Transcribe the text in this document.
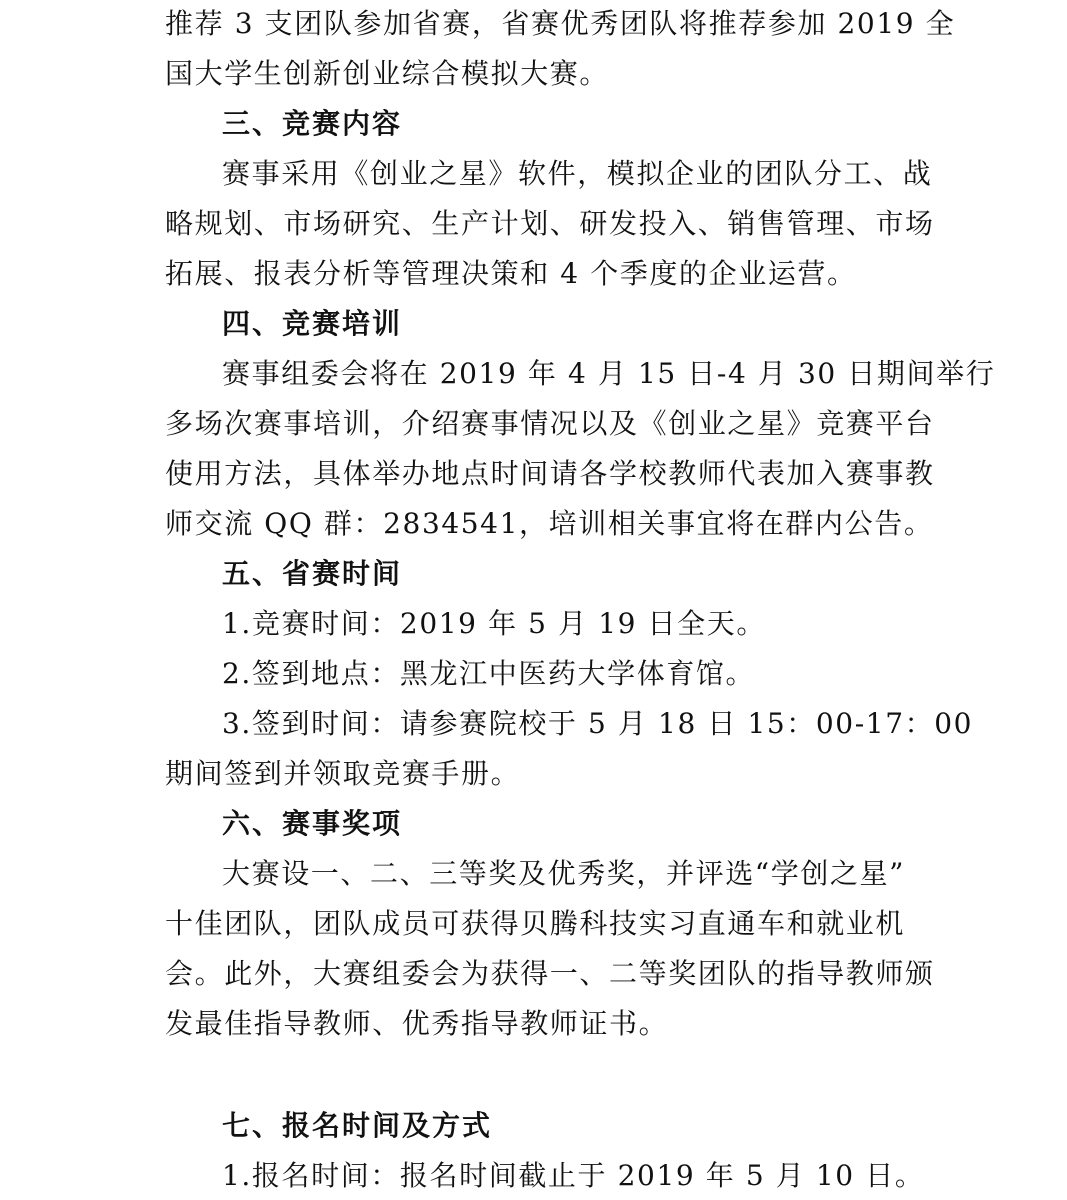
推荐 3 支团队参加省赛，省赛优秀团队将推荐参加 2019 全
国大学生创新创业综合模拟大赛。
三、竞赛内容
赛事采用《创业之星》软件，模拟企业的团队分工、战
略规划、市场研究、生产计划、研发投入、销售管理、市场
拓展、报表分析等管理决策和 4 个季度的企业运营。
四、竞赛培训
赛事组委会将在 2019 年 4 月 15 日-4 月 30 日期间举行
多场次赛事培训，介绍赛事情况以及《创业之星》竞赛平台
使用方法，具体举办地点时间请各学校教师代表加入赛事教
师交流 QQ 群：2834541，培训相关事宜将在群内公告。
五、省赛时间
1.竞赛时间：2019 年 5 月 19 日全天。
2.签到地点：黑龙江中医药大学体育馆。
3.签到时间：请参赛院校于 5 月 18 日 15：00-17：00
期间签到并领取竞赛手册。
六、赛事奖项
大赛设一、二、三等奖及优秀奖，并评选“学创之星”
十佳团队，团队成员可获得贝腾科技实习直通车和就业机
会。此外，大赛组委会为获得一、二等奖团队的指导教师颁
发最佳指导教师、优秀指导教师证书。
七、报名时间及方式
1.报名时间：报名时间截止于 2019 年 5 月 10 日。
